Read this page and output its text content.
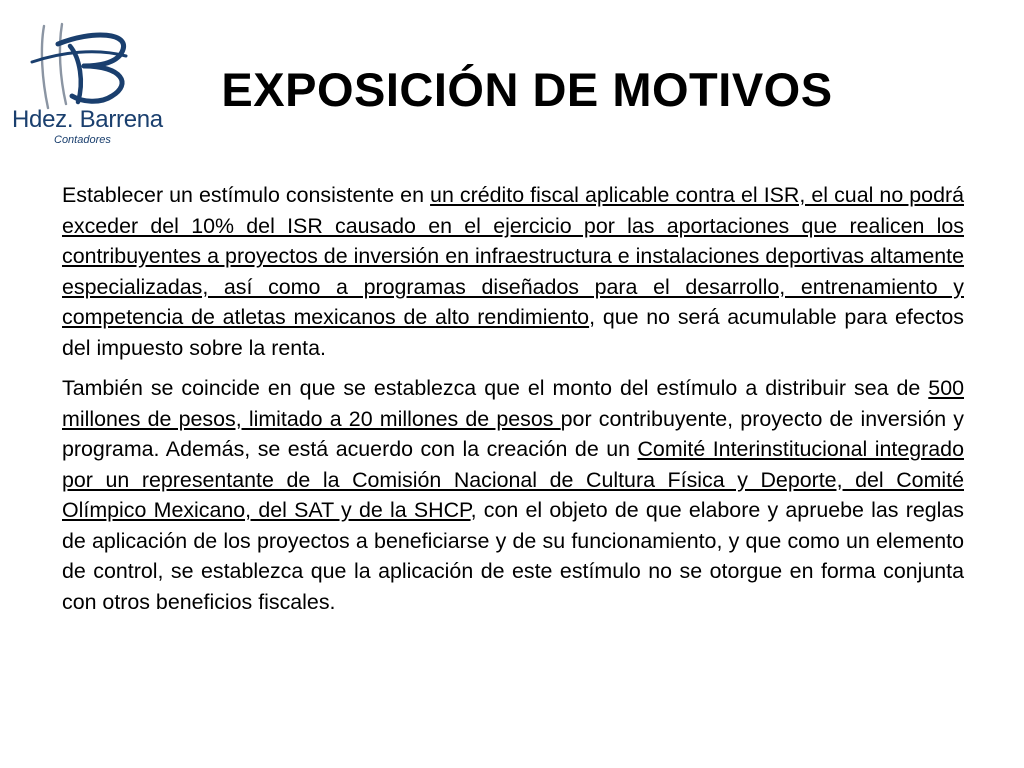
Hdez. Barrena
Contadores
EXPOSICIÓN DE MOTIVOS

Establecer un estímulo consistente en un crédito fiscal aplicable contra el ISR, el cual no podrá exceder del 10% del ISR causado en el ejercicio por las aportaciones que realicen los contribuyentes a proyectos de inversión en infraestructura e instalaciones deportivas altamente especializadas, así como a programas diseñados para el desarrollo, entrenamiento y competencia de atletas mexicanos de alto rendimiento, que no será acumulable para efectos del impuesto sobre la renta.

También se coincide en que se establezca que el monto del estímulo a distribuir sea de 500 millones de pesos, limitado a 20 millones de pesos por contribuyente, proyecto de inversión y programa. Además, se está acuerdo con la creación de un Comité Interinstitucional integrado por un representante de la Comisión Nacional de Cultura Física y Deporte, del Comité Olímpico Mexicano, del SAT y de la SHCP, con el objeto de que elabore y apruebe las reglas de aplicación de los proyectos a beneficiarse y de su funcionamiento, y que como un elemento de control, se establezca que la aplicación de este estímulo no se otorgue en forma conjunta con otros beneficios fiscales.
